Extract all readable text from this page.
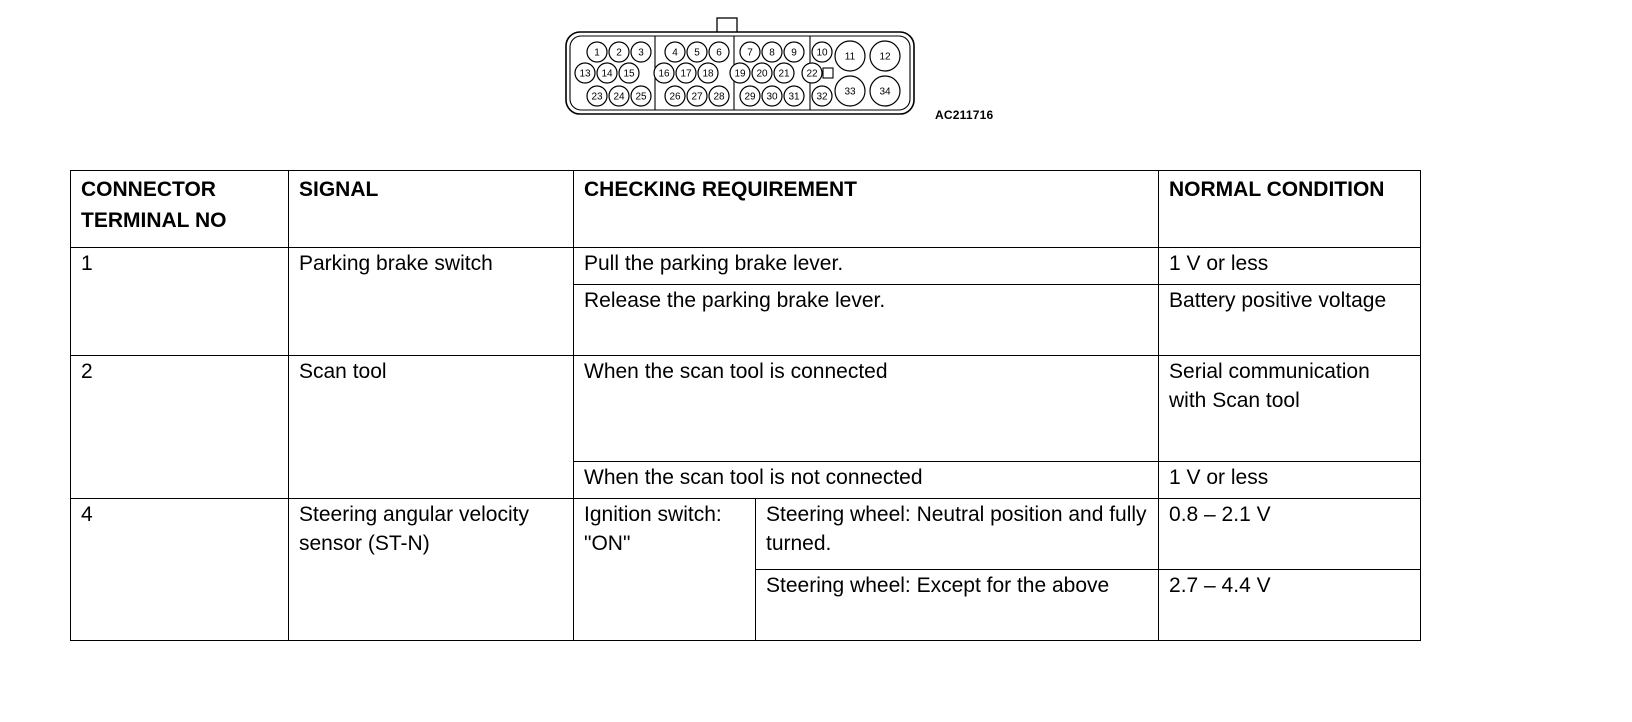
1 2 3	4 5 6	7 8 9 10
13 14 15 16 17 18 19 20 21 22
23 24 25 26 27 28 29 30 31 32
11 12
33 34
AC211716
CONNECTOR TERMINAL NO	SIGNAL	CHECKING REQUIREMENT		NORMAL CONDITION
1	Parking brake switch	Pull the parking brake lever.		1 V or less
		Release the parking brake lever.		Battery positive voltage
2	Scan tool	When the scan tool is connected		Serial communication with Scan tool
		When the scan tool is not connected		1 V or less
4	Steering angular velocity sensor (ST-N)	Ignition switch: "ON"	Steering wheel: Neutral position and fully turned.	0.8 – 2.1 V
			Steering wheel: Except for the above	2.7 – 4.4 V
